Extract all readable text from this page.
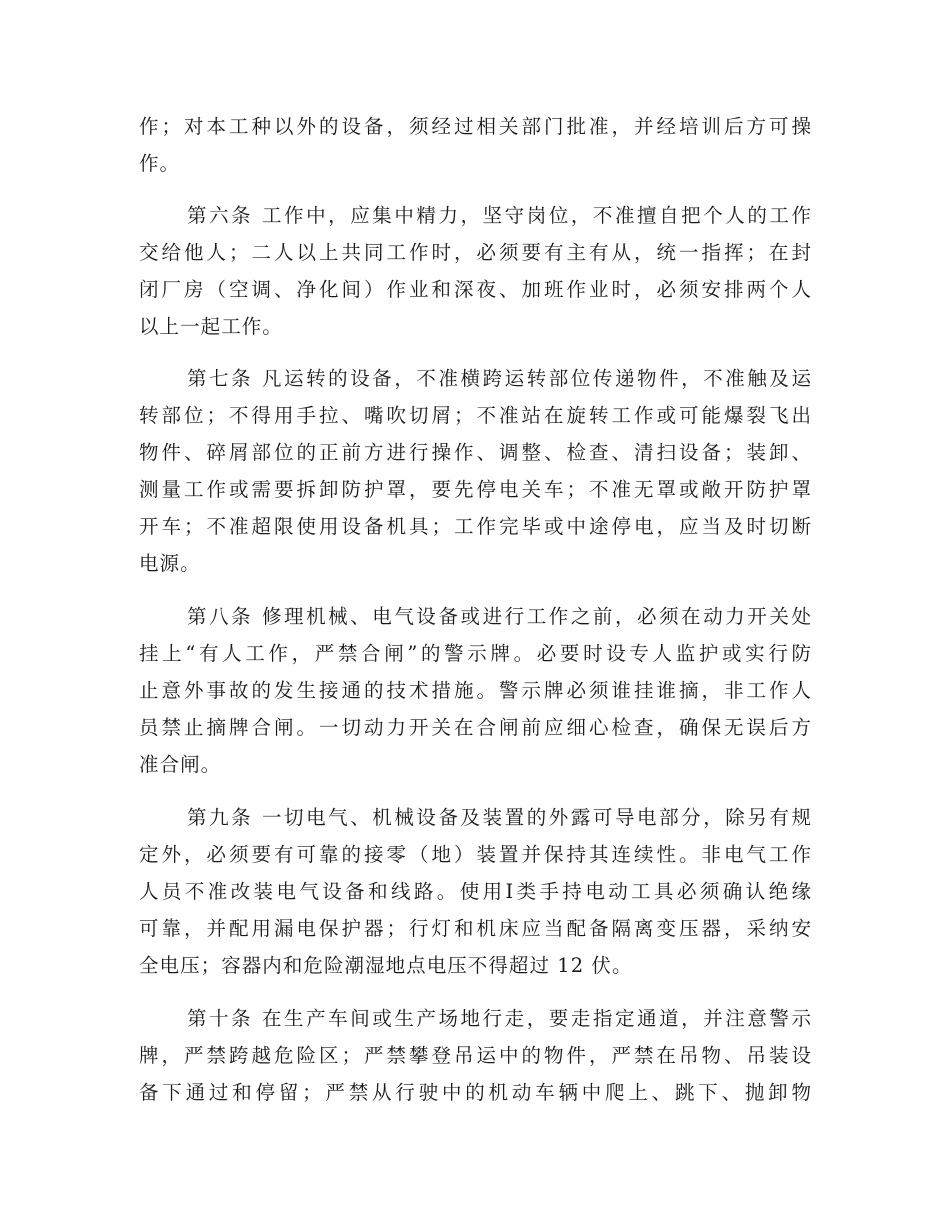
作；对本工种以外的设备，须经过相关部门批准，并经培训后方可操
作。
第六条 工作中，应集中精力，坚守岗位，不准擅自把个人的工作
交给他人；二人以上共同工作时，必须要有主有从，统一指挥；在封
闭厂房（空调、净化间）作业和深夜、加班作业时，必须安排两个人
以上一起工作。
第七条 凡运转的设备，不准横跨运转部位传递物件，不准触及运
转部位；不得用手拉、嘴吹切屑；不准站在旋转工作或可能爆裂飞出
物件、碎屑部位的正前方进行操作、调整、检查、清扫设备；装卸、
测量工作或需要拆卸防护罩，要先停电关车；不准无罩或敞开防护罩
开车；不准超限使用设备机具；工作完毕或中途停电，应当及时切断
电源。
第八条 修理机械、电气设备或进行工作之前，必须在动力开关处
挂上“有人工作，严禁合闸”的警示牌。必要时设专人监护或实行防
止意外事故的发生接通的技术措施。警示牌必须谁挂谁摘，非工作人
员禁止摘牌合闸。一切动力开关在合闸前应细心检查，确保无误后方
准合闸。
第九条 一切电气、机械设备及装置的外露可导电部分，除另有规
定外，必须要有可靠的接零（地）装置并保持其连续性。非电气工作
人员不准改装电气设备和线路。使用Ⅰ类手持电动工具必须确认绝缘
可靠，并配用漏电保护器；行灯和机床应当配备隔离变压器，采纳安
全电压；容器内和危险潮湿地点电压不得超过 12 伏。
第十条 在生产车间或生产场地行走，要走指定通道，并注意警示
牌，严禁跨越危险区；严禁攀登吊运中的物件，严禁在吊物、吊装设
备下通过和停留；严禁从行驶中的机动车辆中爬上、跳下、抛卸物
